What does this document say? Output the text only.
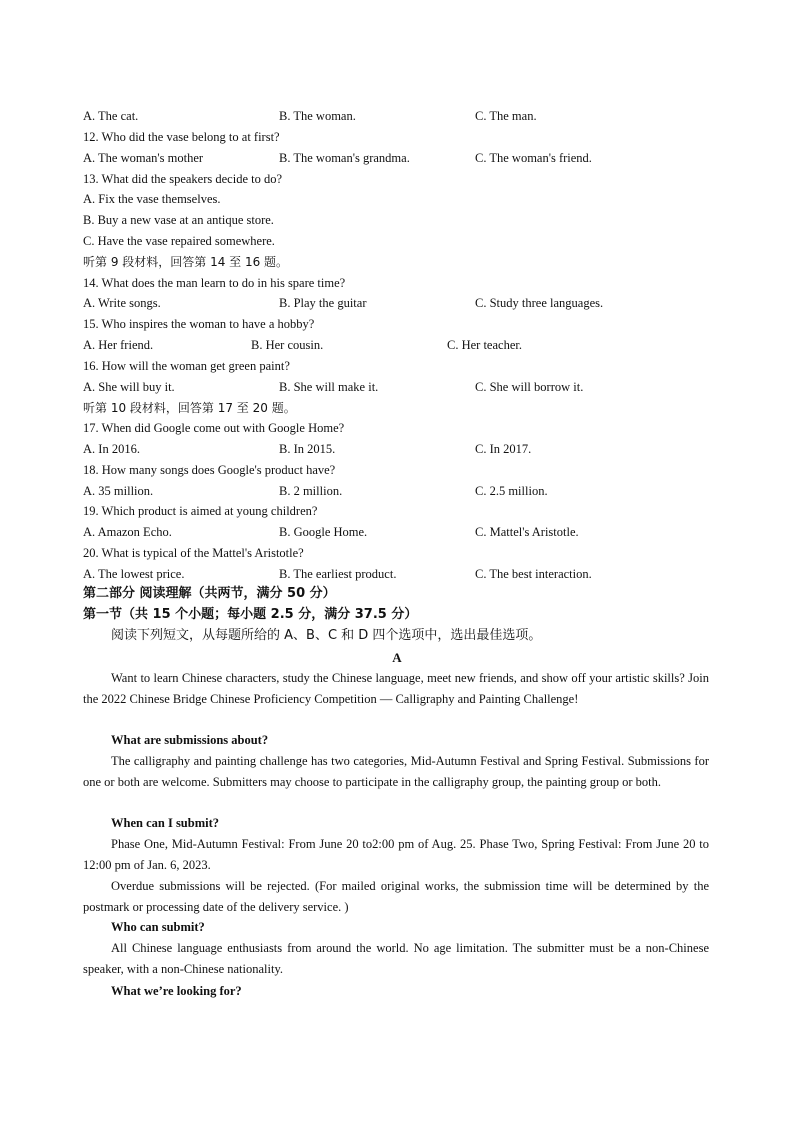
A. The cat.	B. The woman.	C. The man.
12. Who did the vase belong to at first?
A. The woman's mother	B. The woman's grandma.	C. The woman's friend.
13. What did the speakers decide to do?
A. Fix the vase themselves.
B. Buy a new vase at an antique store.
C. Have the vase repaired somewhere.
听第 9 段材料，回答第 14 至 16 题。
14. What does the man learn to do in his spare time?
A. Write songs.	B. Play the guitar	C. Study three languages.
15. Who inspires the woman to have a hobby?
A. Her friend.	B. Her cousin.	C. Her teacher.
16. How will the woman get green paint?
A. She will buy it.	B. She will make it.	C. She will borrow it.
听第 10 段材料，回答第 17 至 20 题。
17. When did Google come out with Google Home?
A. In 2016.	B. In 2015.	C. In 2017.
18. How many songs does Google's product have?
A. 35 million.	B. 2 million.	C. 2.5 million.
19. Which product is aimed at young children?
A. Amazon Echo.	B. Google Home.	C. Mattel's Aristotle.
20. What is typical of the Mattel's Aristotle?
A. The lowest price.	B. The earliest product.	C. The best interaction.
第二部分 阅读理解（共两节，满分 50 分）
第一节（共 15 个小题；每小题 2.5 分，满分 37.5 分）
阅读下列短文，从每题所给的 A、B、C 和 D 四个选项中，选出最佳选项。
A
Want to learn Chinese characters, study the Chinese language, meet new friends, and show off your artistic skills? Join the 2022 Chinese Bridge Chinese Proficiency Competition — Calligraphy and Painting Challenge!
What are submissions about?
The calligraphy and painting challenge has two categories, Mid-Autumn Festival and Spring Festival. Submissions for one or both are welcome. Submitters may choose to participate in the calligraphy group, the painting group or both.
When can I submit?
Phase One, Mid-Autumn Festival: From June 20 to2:00 pm of Aug. 25. Phase Two, Spring Festival: From June 20 to 12:00 pm of Jan. 6, 2023.
Overdue submissions will be rejected. (For mailed original works, the submission time will be determined by the postmark or processing date of the delivery service. )
Who can submit?
All Chinese language enthusiasts from around the world. No age limitation. The submitter must be a non-Chinese speaker, with a non-Chinese nationality.
What we’re looking for?
